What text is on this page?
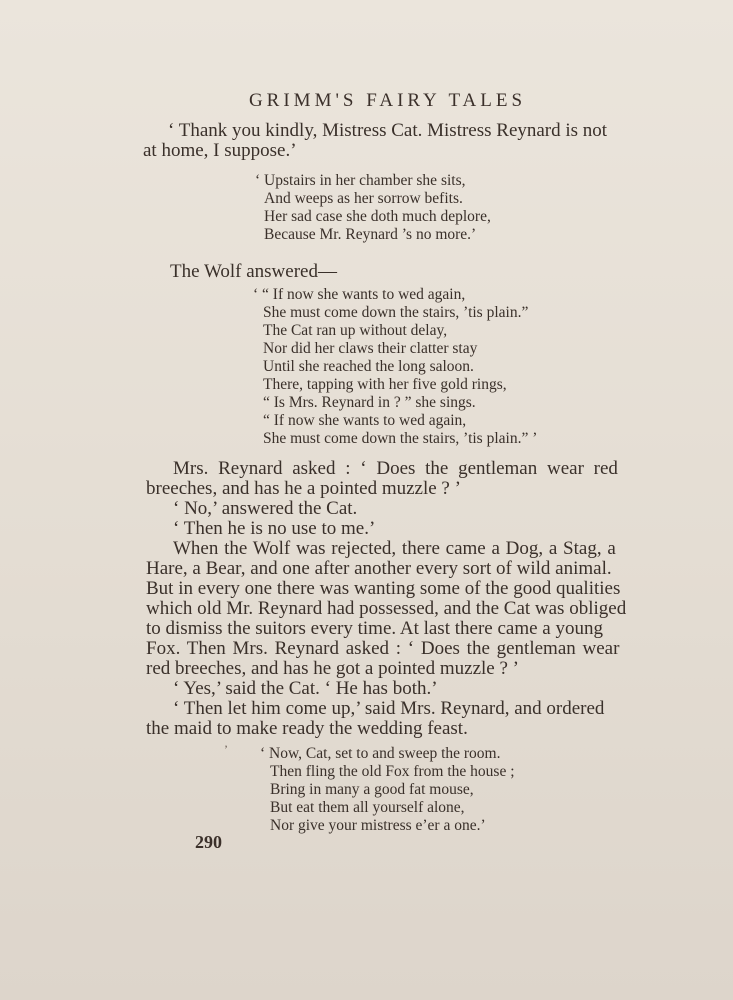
GRIMM'S FAIRY TALES

‘ Thank you kindly, Mistress Cat. Mistress Reynard is not

at home, I suppose.’

‘ Upstairs in her chamber she sits,
And weeps as her sorrow befits.
Her sad case she doth much deplore,
Because Mr. Reynard ’s no more.’

The Wolf answered—

‘ “ If now she wants to wed again,
She must come down the stairs, ’tis plain.”
The Cat ran up without delay,
Nor did her claws their clatter stay
Until she reached the long saloon.
There, tapping with her five gold rings,
“ Is Mrs. Reynard in ? ” she sings.
“ If now she wants to wed again,
She must come down the stairs, ’tis plain.” ’

Mrs. Reynard asked : ‘ Does the gentleman wear red

breeches, and has he a pointed muzzle ? ’

‘ No,’ answered the Cat.

‘ Then he is no use to me.’

When the Wolf was rejected, there came a Dog, a Stag, a

Hare, a Bear, and one after another every sort of wild animal.

But in every one there was wanting some of the good qualities

which old Mr. Reynard had possessed, and the Cat was obliged

to dismiss the suitors every time. At last there came a young

Fox. Then Mrs. Reynard asked : ‘ Does the gentleman wear

red breeches, and has he got a pointed muzzle ? ’

‘ Yes,’ said the Cat. ‘ He has both.’

‘ Then let him come up,’ said Mrs. Reynard, and ordered

the maid to make ready the wedding feast.

’ ‘ Now, Cat, set to and sweep the room.
Then fling the old Fox from the house ;
Bring in many a good fat mouse,
But eat them all yourself alone,
Nor give your mistress e’er a one.’
290
